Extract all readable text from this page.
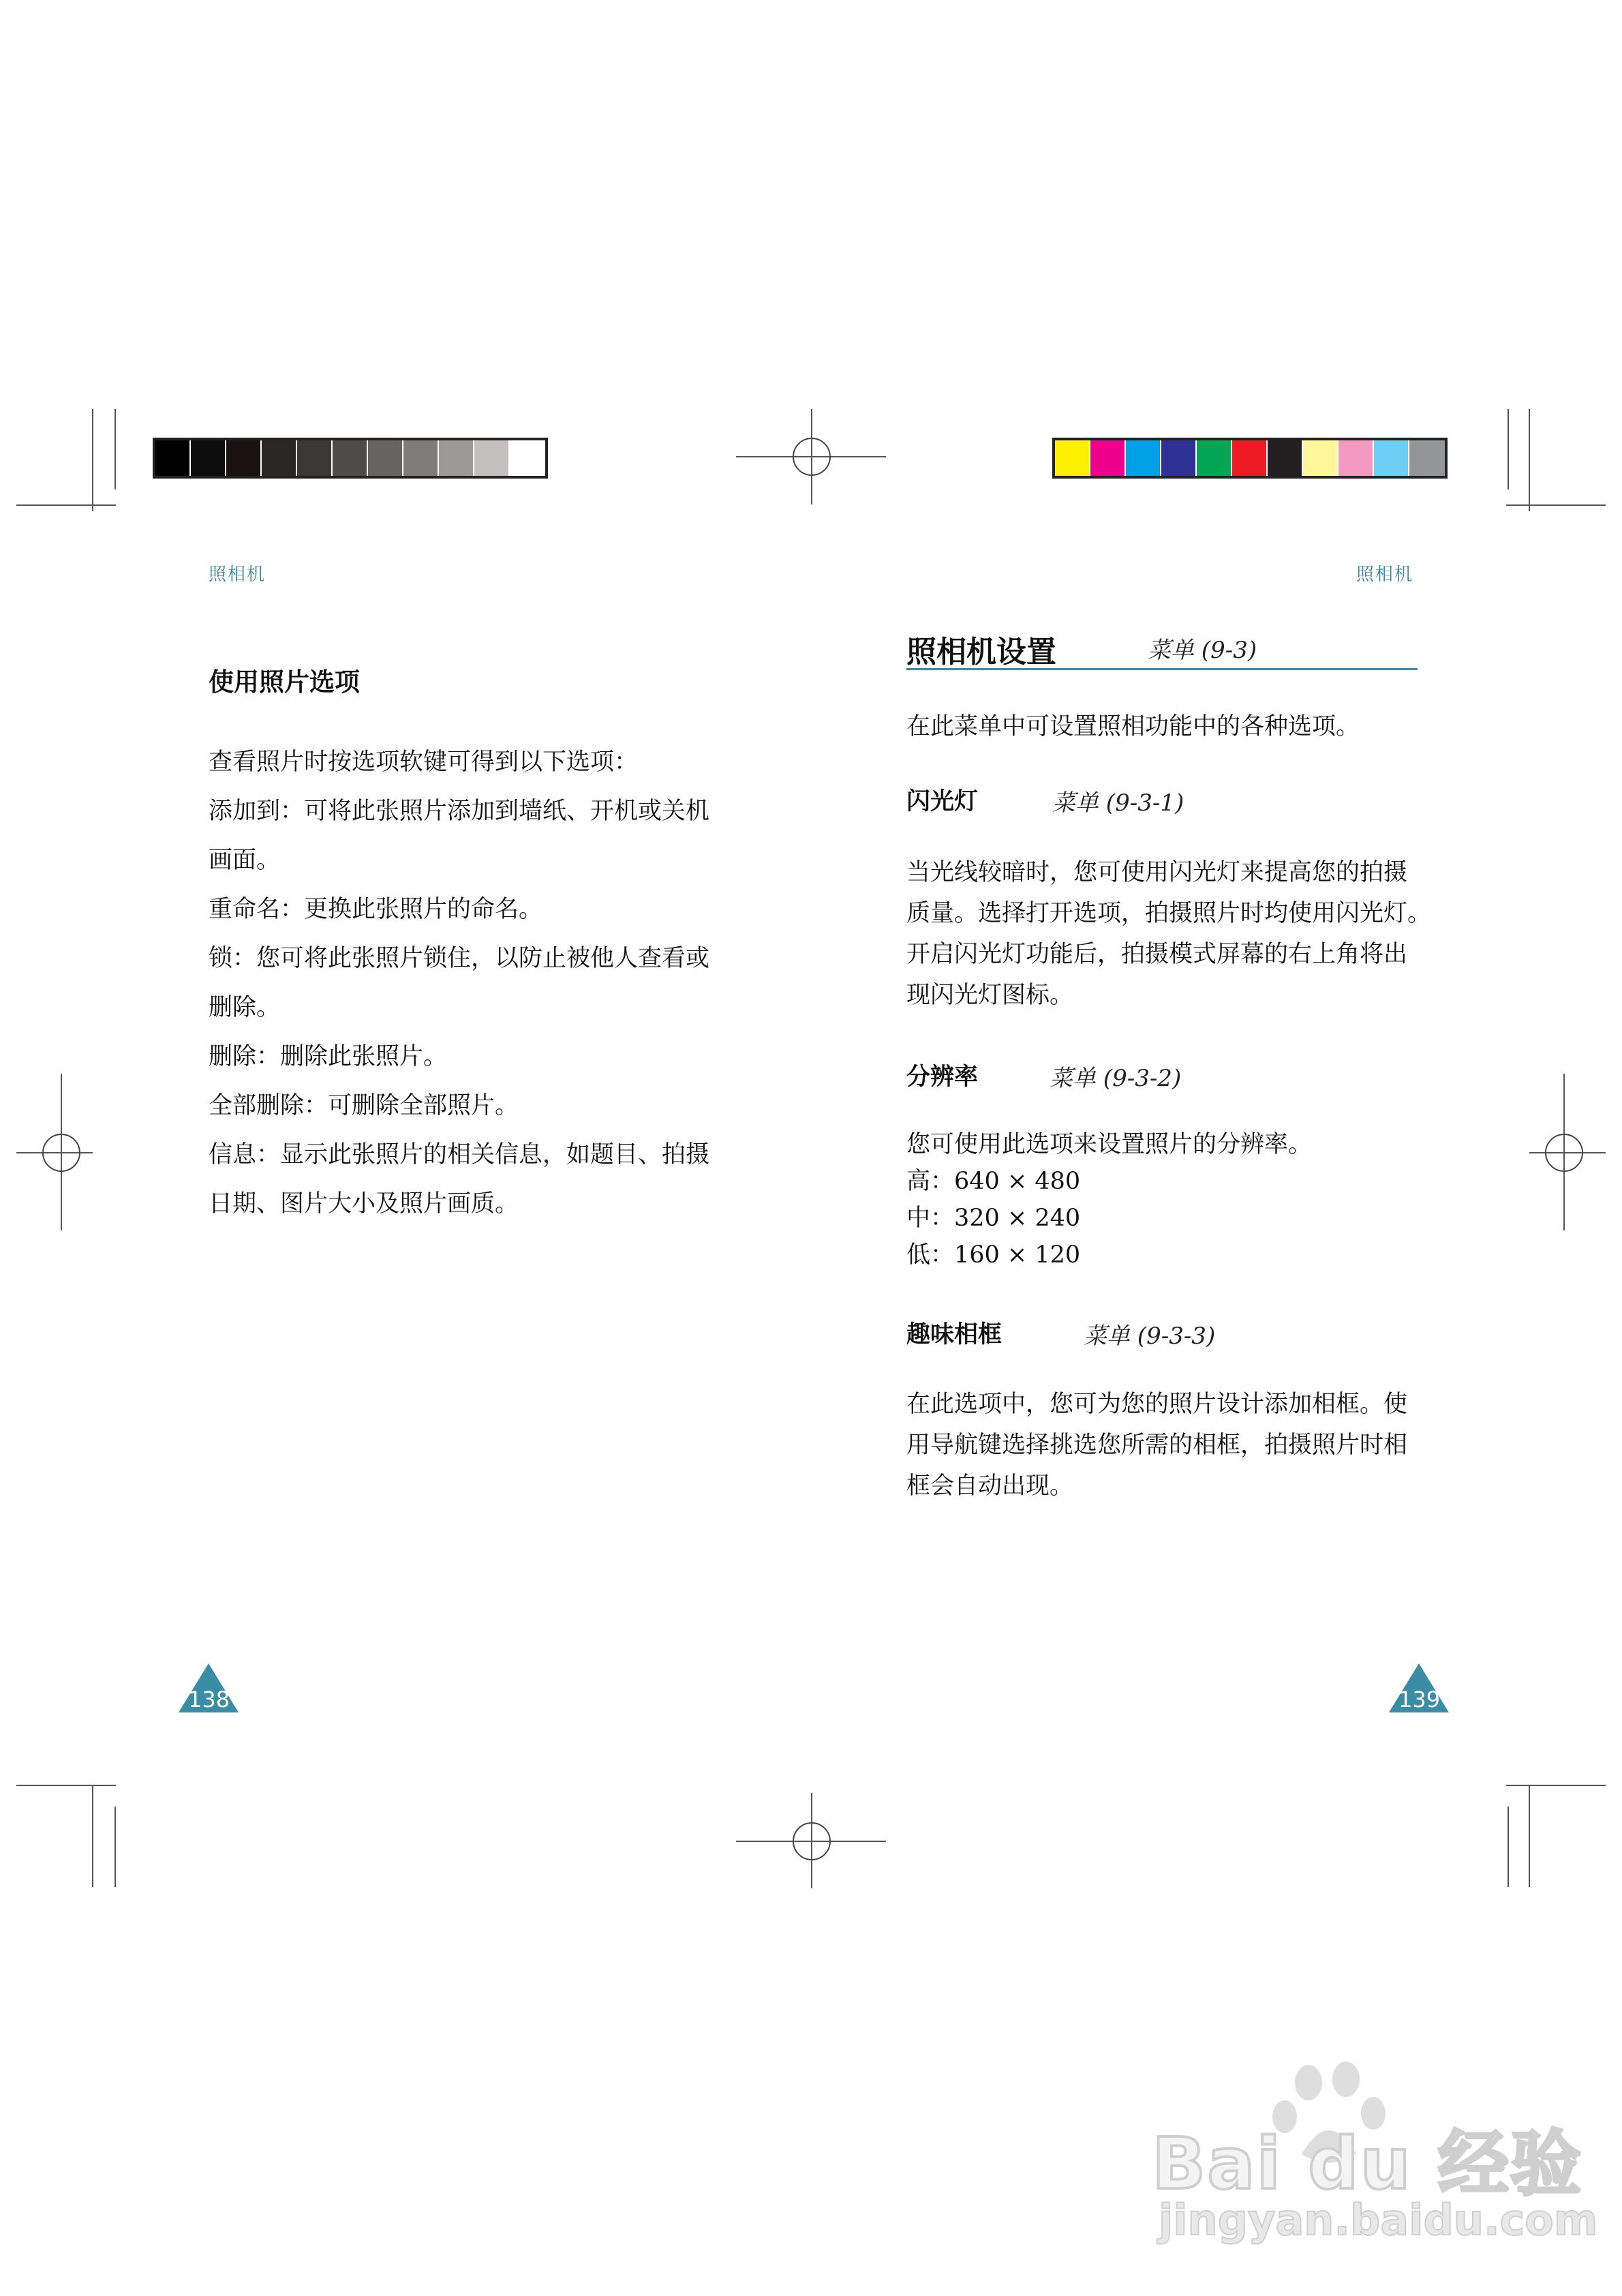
照相机	照相机
使用照片选项

查看照片时按选项软键可得到以下选项：

添加到：可将此张照片添加到墙纸、开机或关机

画面。

重命名：更换此张照片的命名。

锁：您可将此张照片锁住，以防止被他人查看或

删除。

删除：删除此张照片。

全部删除：可删除全部照片。

信息：显示此张照片的相关信息，如题目、拍摄

日期、图片大小及照片画质。

照相机设置	菜单 (9-3)
在此菜单中可设置照相功能中的各种选项。
闪光灯	菜单 (9-3-1)

当光线较暗时，您可使用闪光灯来提高您的拍摄

质量。选择打开选项，拍摄照片时均使用闪光灯。

开启闪光灯功能后，拍摄模式屏幕的右上角将出

现闪光灯图标。

分辨率	菜单 (9-3-2)

您可使用此选项来设置照片的分辨率。

高：640 × 480

中：320 × 240

低：160 × 120

趣味相框	菜单 (9-3-3)

在此选项中，您可为您的照片设计添加相框。使

用导航键选择挑选您所需的相框，拍摄照片时相

框会自动出现。

138	139
Bai du 经验
jingyan.baidu.com
